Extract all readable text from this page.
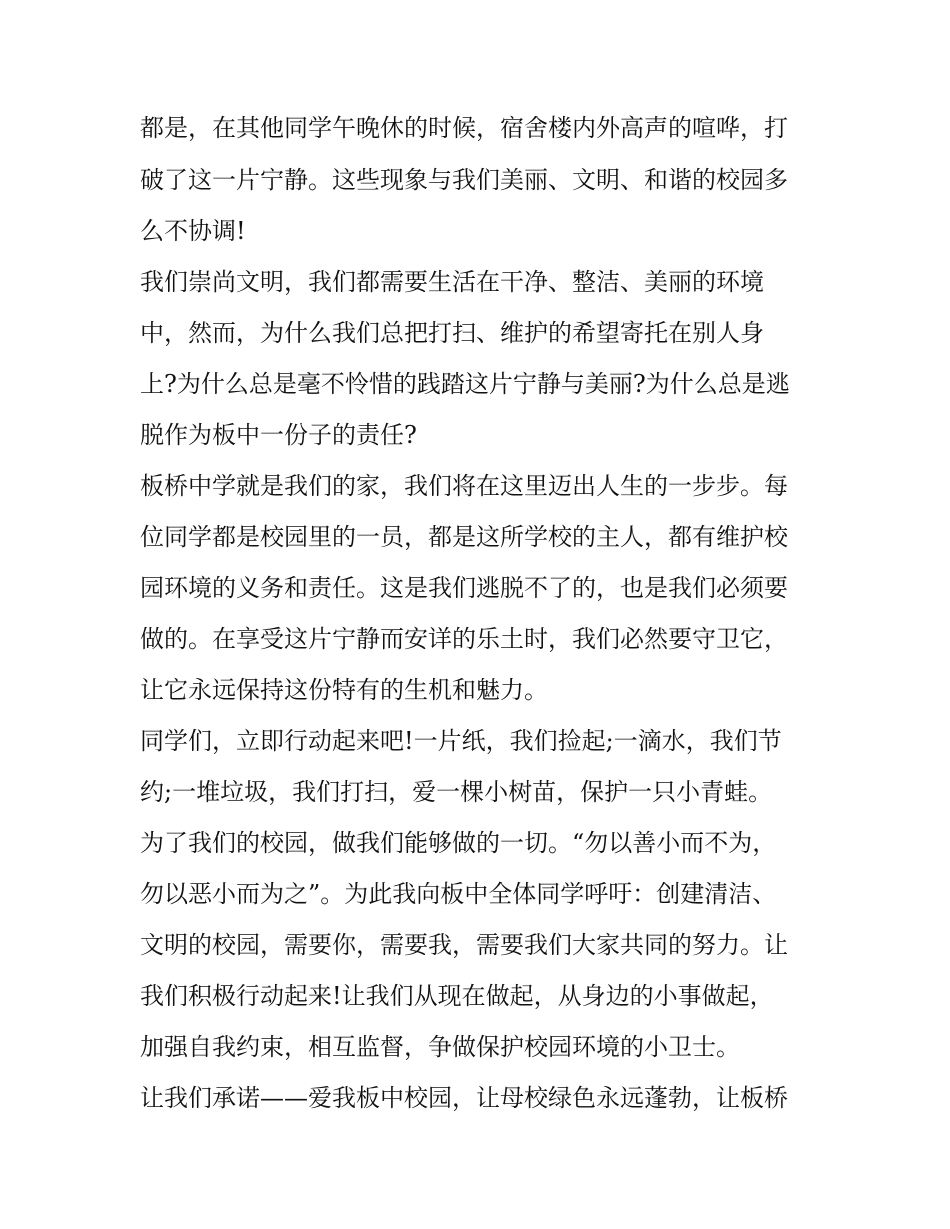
都是，在其他同学午晚休的时候，宿舍楼内外高声的喧哗，打
破了这一片宁静。这些现象与我们美丽、文明、和谐的校园多
么不协调!
我们崇尚文明，我们都需要生活在干净、整洁、美丽的环境
中，然而，为什么我们总把打扫、维护的希望寄托在别人身
上?为什么总是毫不怜惜的践踏这片宁静与美丽?为什么总是逃
脱作为板中一份子的责任?
板桥中学就是我们的家，我们将在这里迈出人生的一步步。每
位同学都是校园里的一员，都是这所学校的主人，都有维护校
园环境的义务和责任。这是我们逃脱不了的，也是我们必须要
做的。在享受这片宁静而安详的乐土时，我们必然要守卫它，
让它永远保持这份特有的生机和魅力。
同学们，立即行动起来吧!一片纸，我们捡起;一滴水，我们节
约;一堆垃圾，我们打扫，爱一棵小树苗，保护一只小青蛙。
为了我们的校园，做我们能够做的一切。“勿以善小而不为，
勿以恶小而为之”。为此我向板中全体同学呼吁：创建清洁、
文明的校园，需要你，需要我，需要我们大家共同的努力。让
我们积极行动起来!让我们从现在做起，从身边的小事做起，
加强自我约束，相互监督，争做保护校园环境的小卫士。
让我们承诺——爱我板中校园，让母校绿色永远蓬勃，让板桥
